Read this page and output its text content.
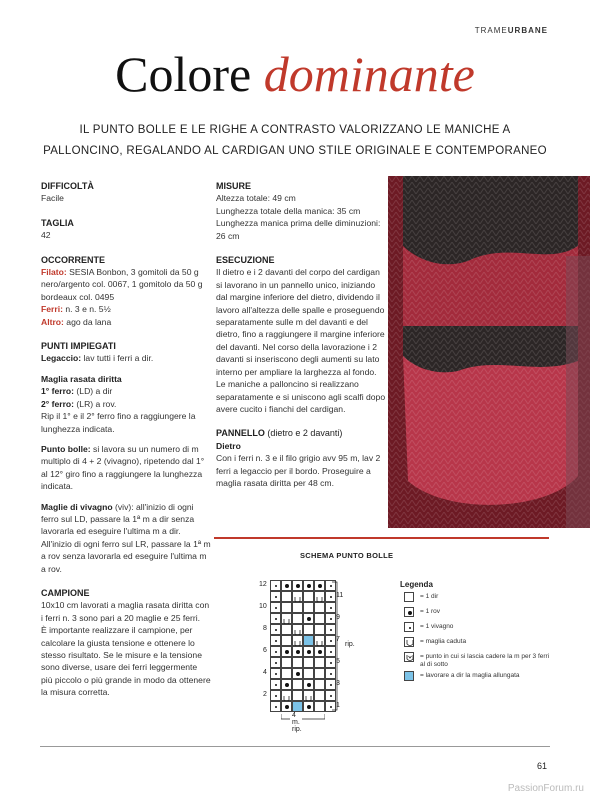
TRAMEURBANE
Colore dominante
IL PUNTO BOLLE E LE RIGHE A CONTRASTO VALORIZZANO LE MANICHE A PALLONCINO, REGALANDO AL CARDIGAN UNO STILE ORIGINALE E CONTEMPORANEO
DIFFICOLTÀ

Facile

TAGLIA

42

OCCORRENTE

Filato: SESIA Bonbon, 3 gomitoli da 50 g nero/argento col. 0067, 1 gomitolo da 50 g bordeaux col. 0495

Ferri: n. 3 e n. 5½

Altro: ago da lana

PUNTI IMPIEGATI

Legaccio: lav tutti i ferri a dir.

Maglia rasata diritta

1° ferro: (LD) a dir

2° ferro: (LR) a rov.

Rip il 1° e il 2° ferro fino a raggiungere la lunghezza indicata.

Punto bolle: si lavora su un numero di m multiplo di 4 + 2 (vivagno), ripetendo dal 1° al 12° giro fino a raggiungere la lunghezza indicata.

Maglie di vivagno (viv): all'inizio di ogni ferro sul LD, passare la 1ª m a dir senza lavorarla ed eseguire l'ultima m a dir. All'inizio di ogni ferro sul LR, passare la 1ª m a rov senza lavorarla ed eseguire l'ultima m a rov.

CAMPIONE

10x10 cm lavorati a maglia rasata diritta con i ferri n. 3 sono pari a 20 maglie e 25 ferri.

È importante realizzare il campione, per calcolare la giusta tensione e ottenere lo stesso risultato. Se le misure e la tensione sono diverse, usare dei ferri leggermente più piccolo o più grande in modo da ottenere la misura corretta.

MISURE

Altezza totale: 49 cm
Lunghezza totale della manica: 35 cm
Lunghezza manica prima delle diminuzioni: 26 cm

ESECUZIONE

Il dietro e i 2 davanti del corpo del cardigan si lavorano in un pannello unico, iniziando dal margine inferiore del dietro, dividendo il lavoro all'altezza delle spalle e proseguendo separatamente sulle m del davanti e del dietro, fino a raggiungere il margine inferiore del davanti. Nel corso della lavorazione i 2 davanti si inseriscono degli aumenti su lato interno per ampliare la larghezza al fondo. Le maniche a palloncino si realizzano separatamente e si uniscono agli scalfi dopo avere cucito i fianchi del cardigan.

PANNELLO (dietro e 2 davanti)

Dietro

Con i ferri n. 3 e il filo grigio avv 95 m, lav 2 ferri a legaccio per il bordo. Proseguire a maglia rasata diritta per 48 cm.

SCHEMA PUNTO BOLLE
12
10
8
6
4
2
11
9
7
5
3
1
rip.
4 m.
rip.
Legenda
= 1 dir
= 1 rov
= 1 vivagno
= maglia caduta
= punto in cui si lascia cadere la m per 3 ferri al di sotto
= lavorare a dir la maglia allungata
61
PassionForum.ru
